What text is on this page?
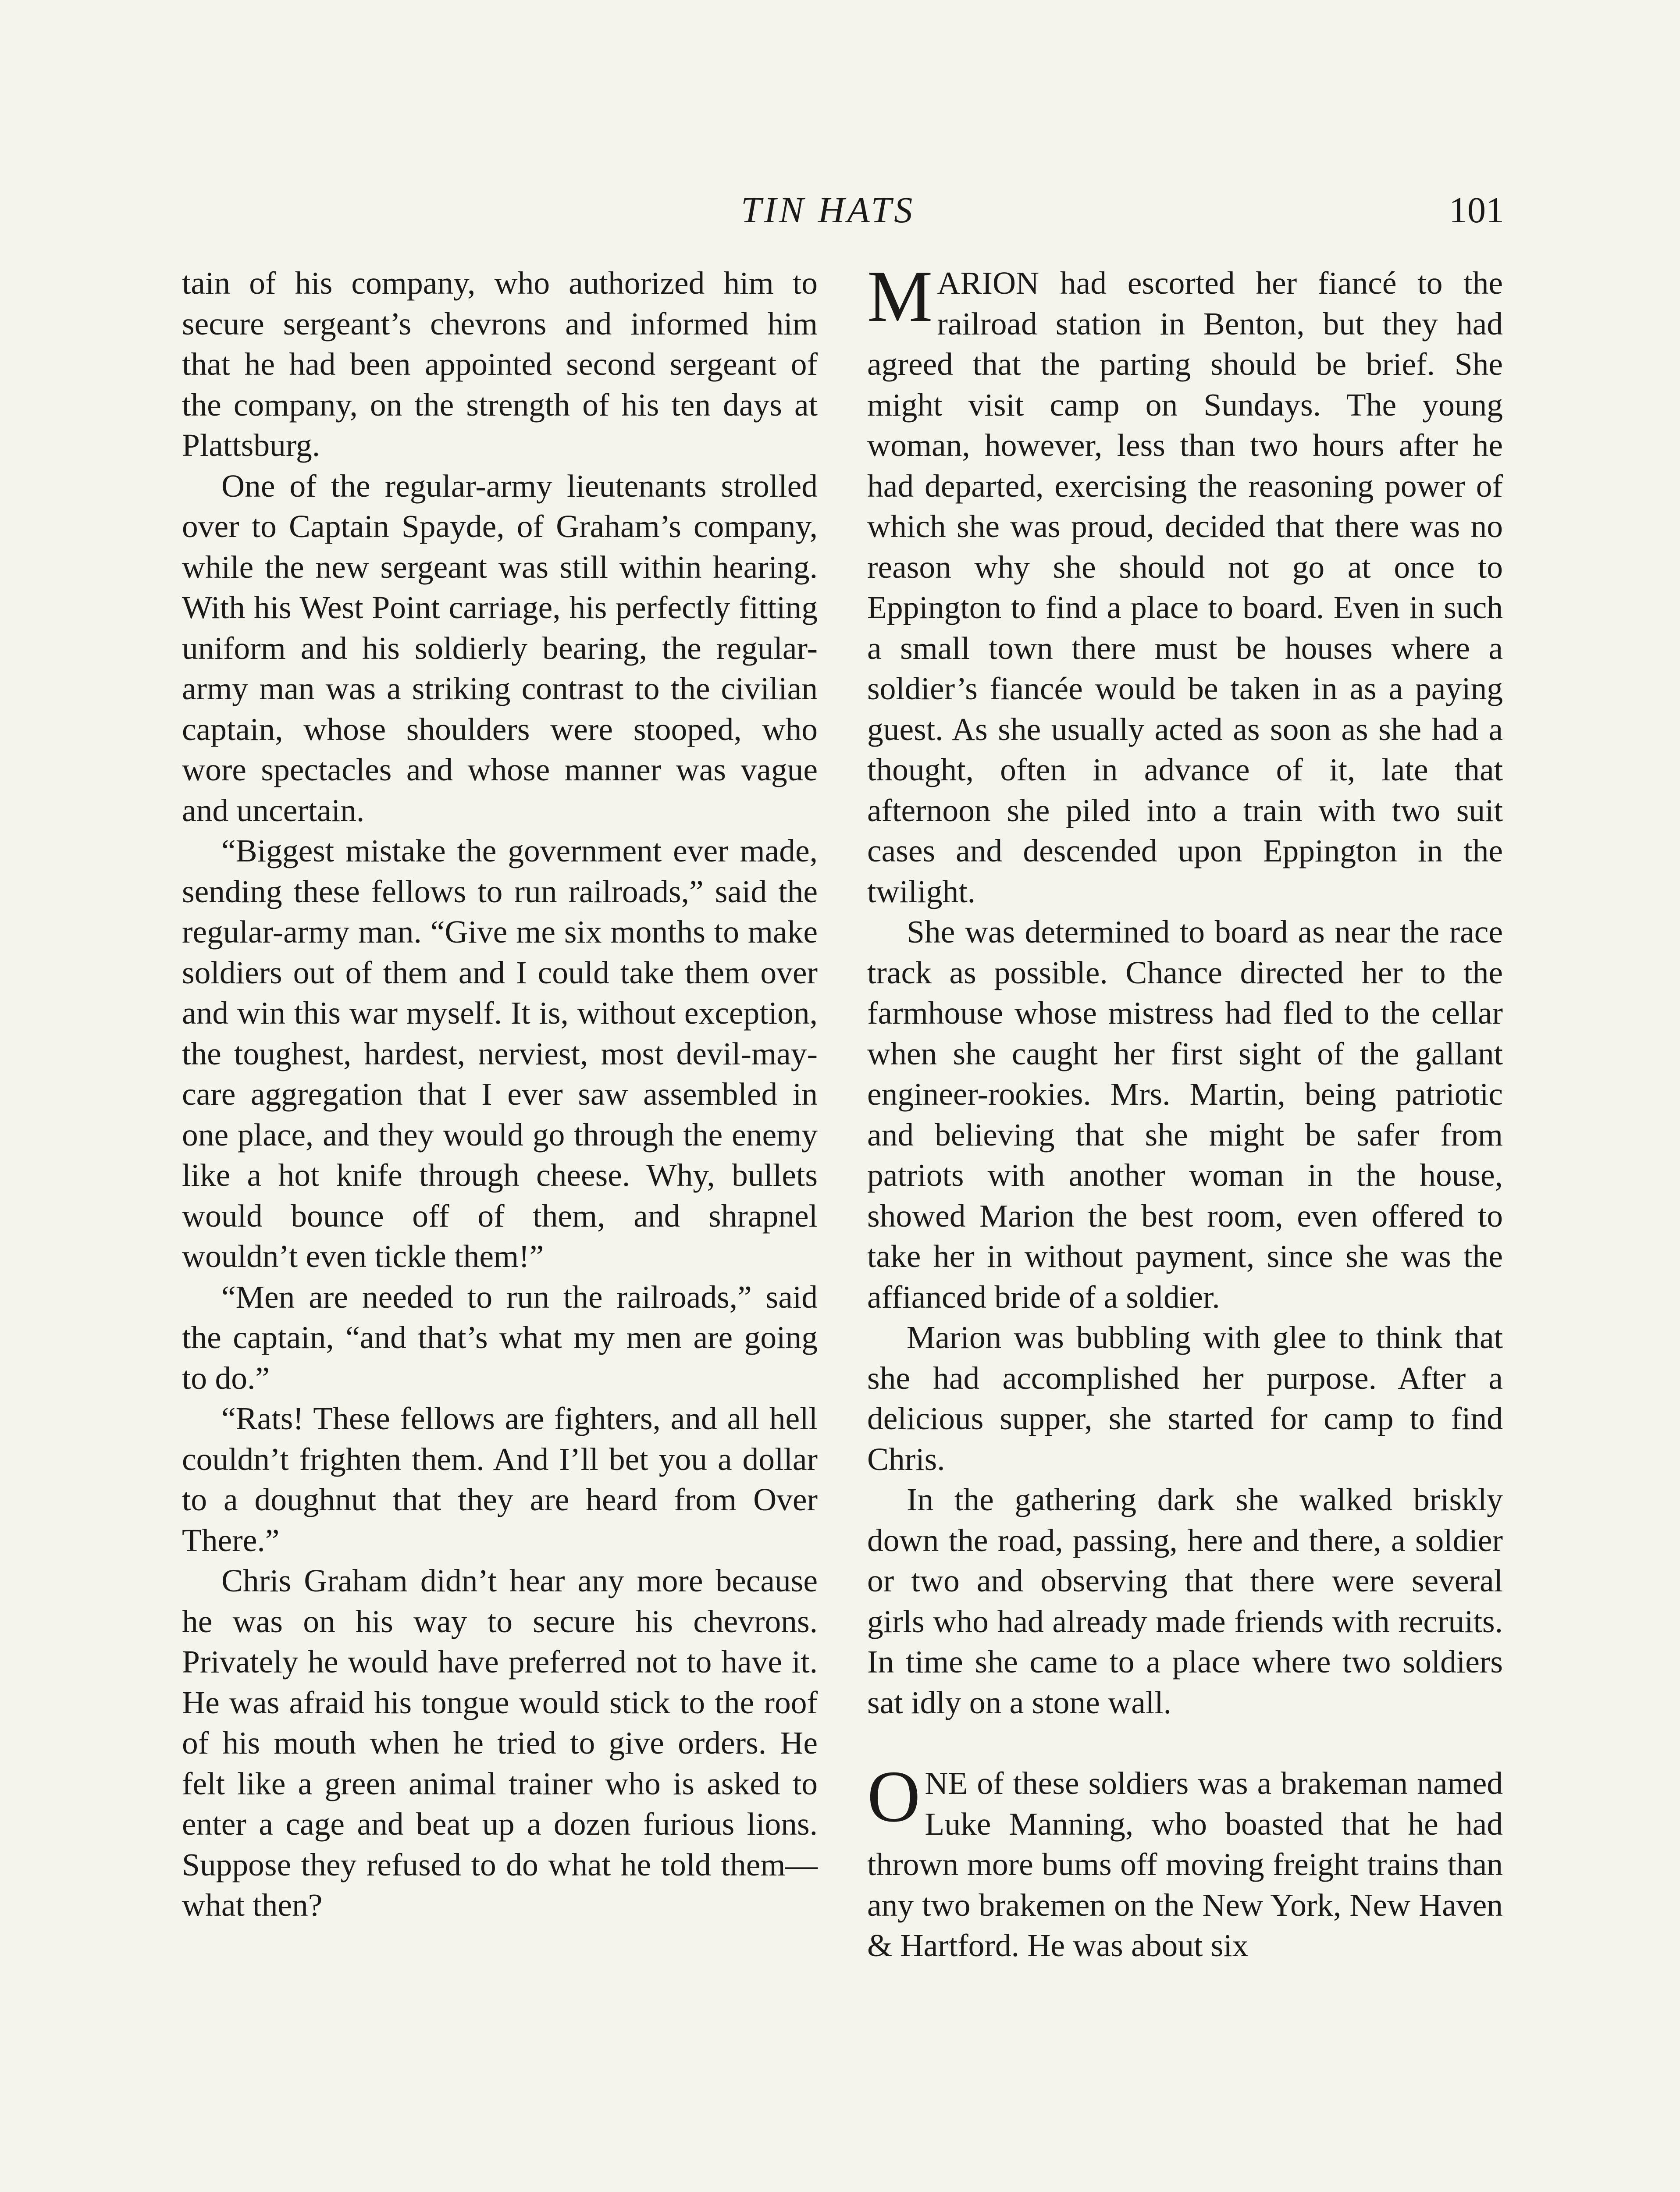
TIN HATS	101

tain of his company, who authorized him to secure sergeant’s chevrons and informed him that he had been appointed second sergeant of the company, on the strength of his ten days at Plattsburg.

One of the regular-army lieutenants strolled over to Captain Spayde, of Graham’s company, while the new sergeant was still within hearing. With his West Point carriage, his perfectly fitting uniform and his soldierly bearing, the regular-army man was a striking contrast to the civilian captain, whose shoulders were stooped, who wore spectacles and whose manner was vague and uncertain.

“Biggest mistake the government ever made, sending these fellows to run railroads,” said the regular-army man. “Give me six months to make soldiers out of them and I could take them over and win this war myself. It is, without exception, the toughest, hardest, nerviest, most devil-may-care aggregation that I ever saw assembled in one place, and they would go through the enemy like a hot knife through cheese. Why, bullets would bounce off of them, and shrapnel wouldn’t even tickle them!”

“Men are needed to run the railroads,” said the captain, “and that’s what my men are going to do.”

“Rats! These fellows are fighters, and all hell couldn’t frighten them. And I’ll bet you a dollar to a doughnut that they are heard from Over There.”

Chris Graham didn’t hear any more because he was on his way to secure his chevrons. Privately he would have preferred not to have it. He was afraid his tongue would stick to the roof of his mouth when he tried to give orders. He felt like a green animal trainer who is asked to enter a cage and beat up a dozen furious lions. Suppose they refused to do what he told them—what then?

MARION had escorted her fiancé to the railroad station in Benton, but they had agreed that the parting should be brief. She might visit camp on Sundays. The young woman, however, less than two hours after he had departed, exercising the reasoning power of which she was proud, decided that there was no reason why she should not go at once to Eppington to find a place to board. Even in such a small town there must be houses where a soldier’s fiancée would be taken in as a paying guest. As she usually acted as soon as she had a thought, often in advance of it, late that afternoon she piled into a train with two suit cases and descended upon Eppington in the twilight.

She was determined to board as near the race track as possible. Chance directed her to the farmhouse whose mistress had fled to the cellar when she caught her first sight of the gallant engineer-rookies. Mrs. Martin, being patriotic and believing that she might be safer from patriots with another woman in the house, showed Marion the best room, even offered to take her in without payment, since she was the affianced bride of a soldier.

Marion was bubbling with glee to think that she had accomplished her purpose. After a delicious supper, she started for camp to find Chris.

In the gathering dark she walked briskly down the road, passing, here and there, a soldier or two and observing that there were several girls who had already made friends with recruits. In time she came to a place where two soldiers sat idly on a stone wall.

ONE of these soldiers was a brakeman named Luke Manning, who boasted that he had thrown more bums off moving freight trains than any two brakemen on the New York, New Haven & Hartford. He was about six
